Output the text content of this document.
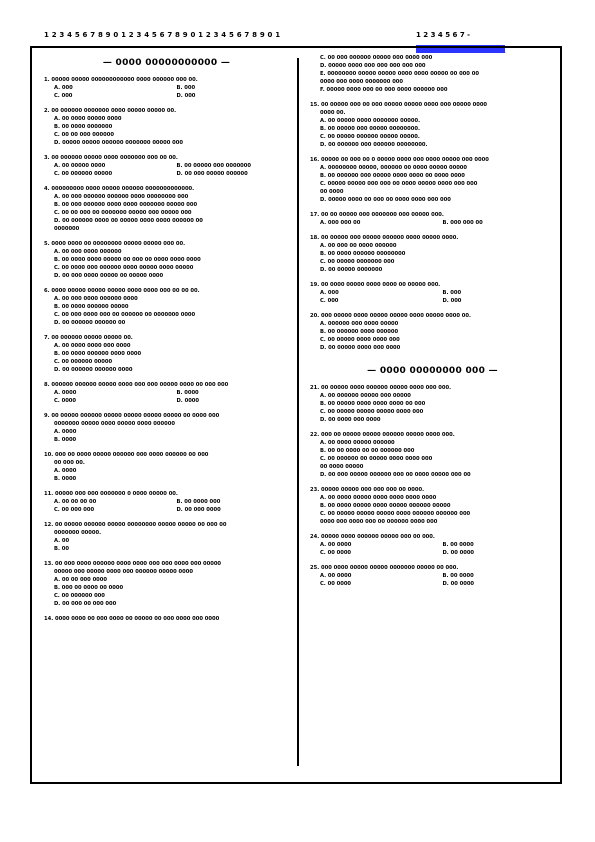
1 2 3 4 5 6 7 8 9 0 1 2 3 4 5 6 7 8 9 0 1 2 3 4 5 6 7 8 9 0 1	1 2 3 4 5 6 7 - www.0000000000.com
— 0000 00000000000 —
1. 00000 00000 000000000000 0000 000000 000 00.
A. 000	B. 000
C. 000	D. 000
2. 00 000000 0000000 0000 00000 00000 00.
A. 00 0000 00000 0000
B. 00 0000 0000000
C. 00 00 000 000000
D. 00000 00000 000000 0000000 00000 000
3. 00 000000 00000 0000 0000000 000 00 00.
A. 00 00000 0000	B. 00 00000 000 0000000
C. 00 000000 00000	D. 00 000 00000 000000
4. 000000000 0000 00000 000000 0000000000000.
A. 00 000 000000 000000 0000 00000000 000
B. 00 000 000000 0000 0000 0000000 00000 000
C. 00 00 000 00 0000000 00000 000 00000 000
D. 00 000000 0000 00 00000 0000 0000 000000 00
0000000
5. 0000 0000 00 00000000 00000 00000 000 00.
A. 00 000 0000 000000
B. 00 0000 0000 00000 00 000 00 0000 0000 0000
C. 00 0000 000 000000 0000 00000 0000 00000
D. 00 000 0000 00000 00 00000 0000
6. 0000 00000 00000 00000 0000 0000 000 00 00 00.
A. 00 000 0000 000000 0000
B. 00 0000 000000 00000
C. 00 000 0000 000 00 000000 00 0000000 0000
D. 00 000000 000000 00
7. 00 000000 00000 00000 00.
A. 00 0000 0000 000 0000
B. 00 0000 000000 0000 0000
C. 00 000000 00000
D. 00 000000 000000 0000
8. 000000 000000 00000 0000 000 000 00000 0000 00 000 000
A. 0000	B. 0000
C. 0000	D. 0000
9. 00 00000 000000 00000 00000 00000 00000 00 0000 000
0000000 00000 0000 00000 0000 000000
A. 0000
B. 0000
10. 000 00 0000 00000 000000 000 0000 000000 00 000
00 000 00.
A. 0000
B. 0000
11. 00000 000 000 0000000 0 0000 00000 00.
A. 00 00 00 00	B. 00 0000 000
C. 00 000 000	D. 00 000 0000
12. 00 00000 000000 00000 00000000 00000 00000 00 000 00
0000000 00000.
A. 00
B. 00
13. 00 000 0000 000000 0000 0000 000 000 0000 000 00000
00000 000 00000 0000 000 000000 00000 0000
A. 00 00 000 0000
B. 000 00 0000 00 0000
C. 00 000000 000
D. 00 000 00 000 000
14. 0000 0000 00 000 0000 00 00000 00 000 0000 000 0000
C. 00 000 000000 00000 000 0000 000
D. 00000 0000 000 000 000 000 000
E. 00000000 00000 00000 0000 0000 00000 00 000 00
0000 000 0000 0000000 000
F. 00000 0000 000 00 000 0000 000000 000
15. 00 00000 000 00 000 00000 00000 0000 000 00000 0000
0000 00.
A. 00 00000 0000 0000000 00000.
B. 00 00000 000 00000 00000000.
C. 00 00000 000000 00000 00000.
D. 00 000000 000 000000 00000000.
16. 00000 00 000 00 0 00000 0000 000 0000 00000 000 0000
A. 00000000 00000, 000000 00 0000 00000 00000
B. 00 000000 000 00000 0000 0000 00 0000 0000
C. 00000 00000 000 000 00 0000 00000 0000 000 000
00 0000
D. 00000 0000 00 000 00 0000 0000 000 000
17. 00 00 00000 000 0000000 000 00000 000.
A. 000 000 00	B. 000 000 00
18. 00 00000 000 00000 000000 0000 00000 0000.
A. 00 000 00 0000 000000
B. 00 0000 000000 00000000
C. 00 00000 0000000 000
D. 00 00000 0000000
19. 00 0000 00000 0000 0000 00 00000 000.
A. 000	B. 000
C. 000	D. 000
20. 000 00000 0000 00000 00000 0000 00000 0000 00.
A. 000000 000 0000 00000
B. 00 000000 0000 000000
C. 00 00000 0000 0000 000
D. 00 00000 0000 000 0000
— 0000 00000000 000 —
21. 00 00000 0000 000000 00000 0000 000 000.
A. 00 000000 00000 000 00000
B. 00 00000 0000 0000 0000 00 000
C. 00 00000 00000 00000 0000 000
D. 00 0000 000 0000
22. 000 00 00000 00000 000000 00000 0000 000.
A. 00 0000 00000 000000
B. 00 00 0000 00 00 000000 000
C. 00 000000 00 00000 0000 0000 000
00 0000 00000
D. 00 000 00000 000000 000 00 0000 00000 000 00
23. 00000 00000 000 000 000 00 0000.
A. 00 0000 00000 0000 0000 0000 0000
B. 00 0000 00000 0000 00000 000000 00000
C. 00 00000 00000 00000 0000 000000 000000 000
0000 000 0000 000 00 000000 0000 000
24. 00000 0000 000000 00000 000 00 000.
A. 00 0000	B. 00 0000
C. 00 0000	D. 00 0000
25. 000 0000 00000 00000 0000000 00000 00 000.
A. 00 0000	B. 00 0000
C. 00 0000	D. 00 0000
